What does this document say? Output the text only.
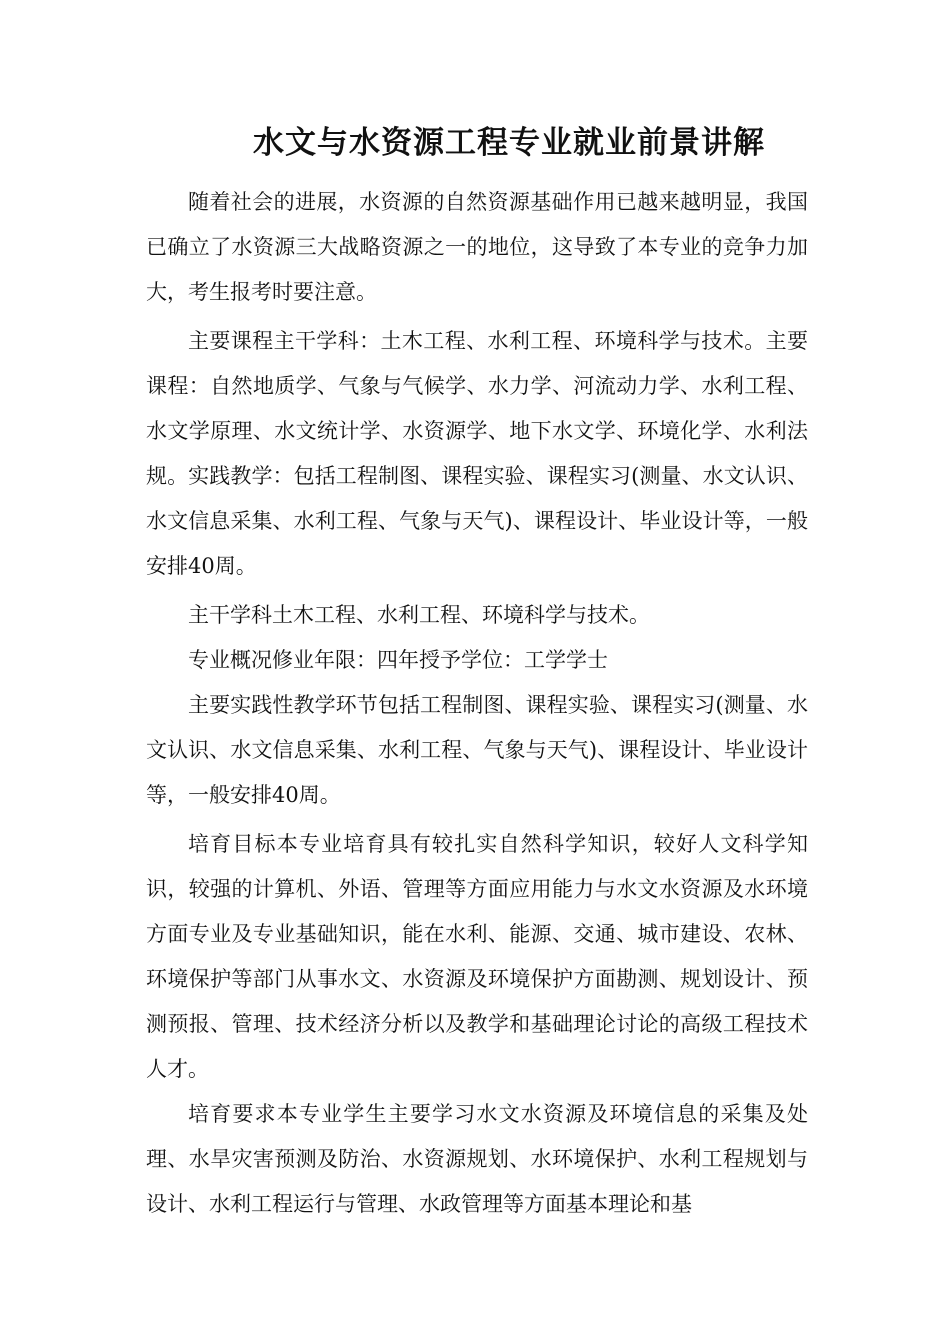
水文与水资源工程专业就业前景讲解

随着社会的进展，水资源的自然资源基础作用已越来越明显，我国已确立了水资源三大战略资源之一的地位，这导致了本专业的竞争力加大，考生报考时要注意。

主要课程主干学科：土木工程、水利工程、环境科学与技术。主要课程：自然地质学、气象与气候学、水力学、河流动力学、水利工程、水文学原理、水文统计学、水资源学、地下水文学、环境化学、水利法规。实践教学：包括工程制图、课程实验、课程实习(测量、水文认识、水文信息采集、水利工程、气象与天气)、课程设计、毕业设计等，一般安排40周。

主干学科土木工程、水利工程、环境科学与技术。

专业概况修业年限：四年授予学位：工学学士

主要实践性教学环节包括工程制图、课程实验、课程实习(测量、水文认识、水文信息采集、水利工程、气象与天气)、课程设计、毕业设计等，一般安排40周。

培育目标本专业培育具有较扎实自然科学知识，较好人文科学知识，较强的计算机、外语、管理等方面应用能力与水文水资源及水环境方面专业及专业基础知识，能在水利、能源、交通、城市建设、农林、环境保护等部门从事水文、水资源及环境保护方面勘测、规划设计、预测预报、管理、技术经济分析以及教学和基础理论讨论的高级工程技术人才。

培育要求本专业学生主要学习水文水资源及环境信息的采集及处理、水旱灾害预测及防治、水资源规划、水环境保护、水利工程规划与设计、水利工程运行与管理、水政管理等方面基本理论和基
